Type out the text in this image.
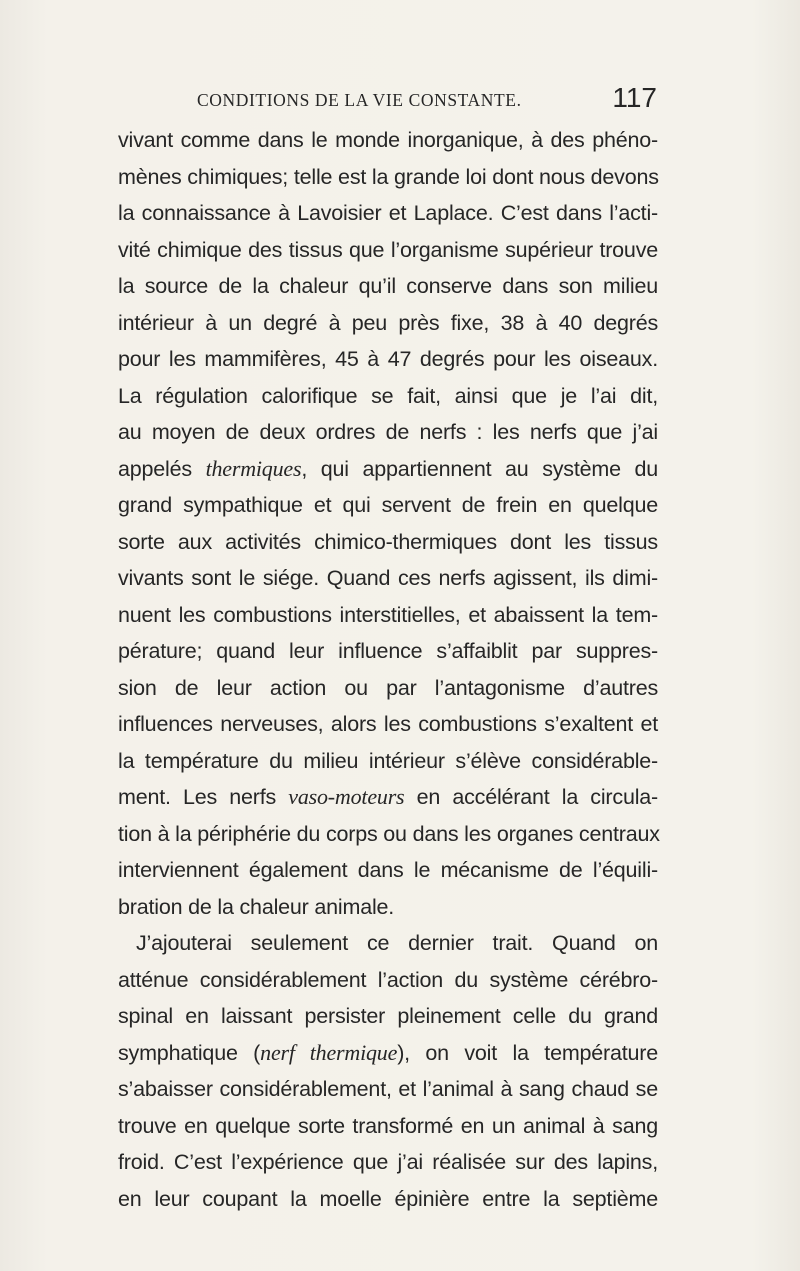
CONDITIONS DE LA VIE CONSTANTE.	117
vivant comme dans le monde inorganique, à des phéno-
mènes chimiques; telle est la grande loi dont nous devons
la connaissance à Lavoisier et Laplace. C’est dans l’acti-
vité chimique des tissus que l’organisme supérieur trouve
la source de la chaleur qu’il conserve dans son milieu
intérieur à un degré à peu près fixe, 38 à 40 degrés
pour les mammifères, 45 à 47 degrés pour les oiseaux.
La régulation calorifique se fait, ainsi que je l’ai dit,
au moyen de deux ordres de nerfs : les nerfs que j’ai
appelés thermiques, qui appartiennent au système du
grand sympathique et qui servent de frein en quelque
sorte aux activités chimico-thermiques dont les tissus
vivants sont le siége. Quand ces nerfs agissent, ils dimi-
nuent les combustions interstitielles, et abaissent la tem-
pérature; quand leur influence s’affaiblit par suppres-
sion de leur action ou par l’antagonisme d’autres
influences nerveuses, alors les combustions s’exaltent et
la température du milieu intérieur s’élève considérable-
ment. Les nerfs vaso-moteurs en accélérant la circula-
tion à la périphérie du corps ou dans les organes centraux
interviennent également dans le mécanisme de l’équili-
bration de la chaleur animale.
J’ajouterai seulement ce dernier trait. Quand on
atténue considérablement l’action du système cérébro-
spinal en laissant persister pleinement celle du grand
symphatique (nerf thermique), on voit la température
s’abaisser considérablement, et l’animal à sang chaud se
trouve en quelque sorte transformé en un animal à sang
froid. C’est l’expérience que j’ai réalisée sur des lapins,
en leur coupant la moelle épinière entre la septième
